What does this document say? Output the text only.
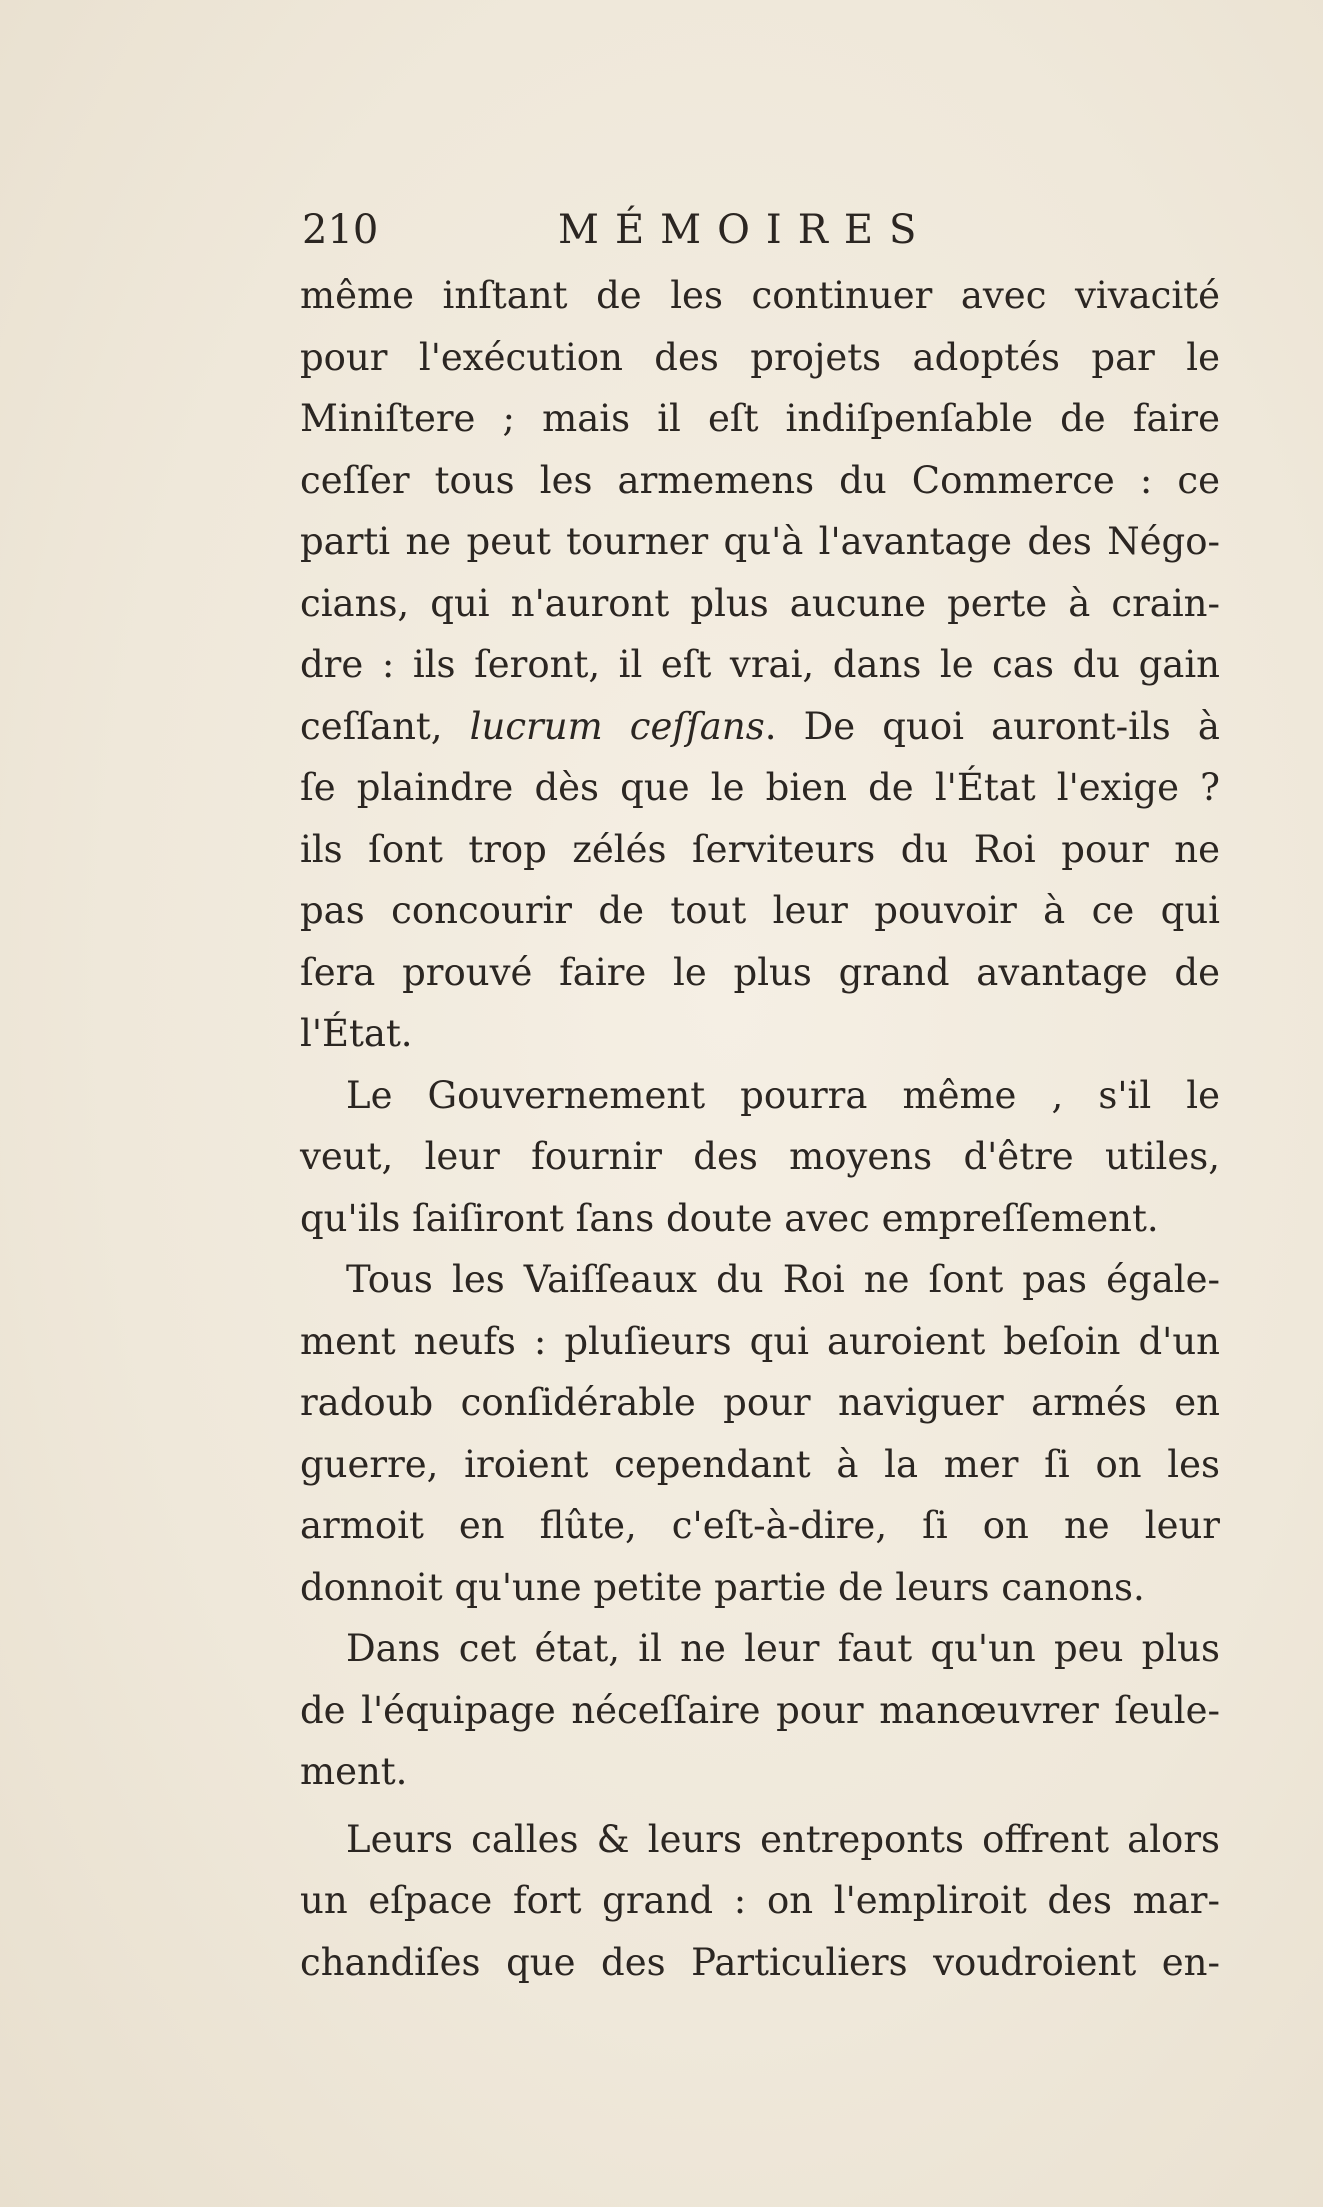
210	MÉMOIRES
même inſtant de les continuer avec vivacité
pour l'exécution des projets adoptés par le
Miniſtere ; mais il eſt indiſpenſable de faire
ceſſer tous les armemens du Commerce : ce
parti ne peut tourner qu'à l'avantage des Négo-
cians, qui n'auront plus aucune perte à crain-
dre : ils ſeront, il eſt vrai, dans le cas du gain
ceſſant, lucrum ceſſans. De quoi auront-ils à
ſe plaindre dès que le bien de l'État l'exige ?
ils ſont trop zélés ſerviteurs du Roi pour ne
pas concourir de tout leur pouvoir à ce qui
ſera prouvé faire le plus grand avantage de
l'État.
Le Gouvernement pourra même , s'il le
veut, leur fournir des moyens d'être utiles,
qu'ils ſaiſiront ſans doute avec empreſſement.
Tous les Vaiſſeaux du Roi ne ſont pas égale-
ment neufs : pluſieurs qui auroient beſoin d'un
radoub conſidérable pour naviguer armés en
guerre, iroient cependant à la mer ſi on les
armoit en flûte, c'eſt-à-dire, ſi on ne leur
donnoit qu'une petite partie de leurs canons.
Dans cet état, il ne leur faut qu'un peu plus
de l'équipage néceſſaire pour manœuvrer ſeule-
ment.
Leurs calles & leurs entreponts offrent alors
un eſpace fort grand : on l'empliroit des mar-
chandiſes que des Particuliers voudroient en-
